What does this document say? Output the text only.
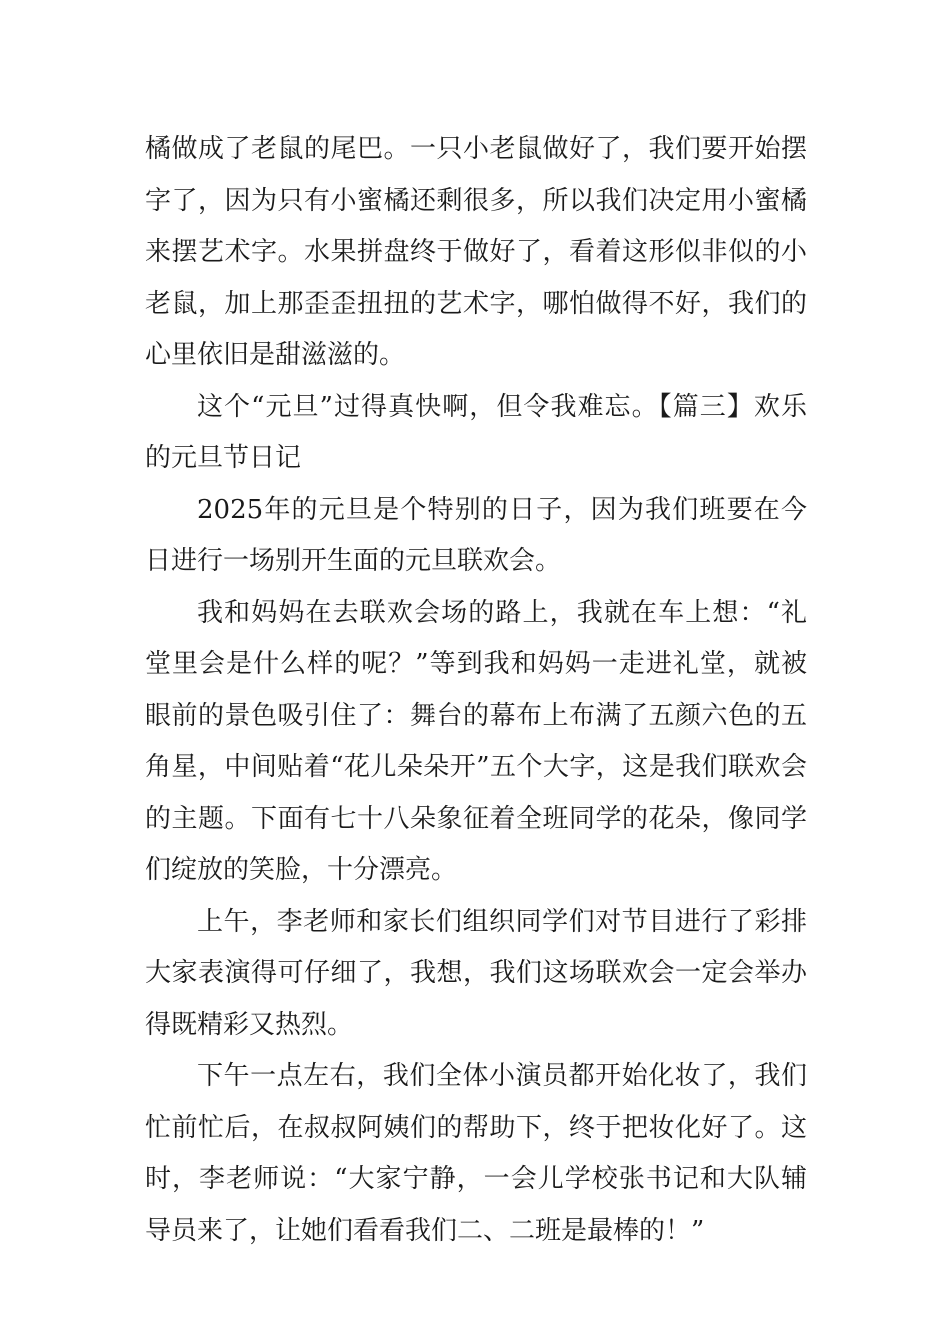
橘做成了老鼠的尾巴。一只小老鼠做好了，我们要开始摆字了，因为只有小蜜橘还剩很多，所以我们决定用小蜜橘来摆艺术字。水果拼盘终于做好了，看着这形似非似的小老鼠，加上那歪歪扭扭的艺术字，哪怕做得不好，我们的心里依旧是甜滋滋的。

这个“元旦”过得真快啊，但令我难忘。【篇三】欢乐的元旦节日记

2025年的元旦是个特别的日子，因为我们班要在今日进行一场别开生面的元旦联欢会。

我和妈妈在去联欢会场的路上，我就在车上想：“礼堂里会是什么样的呢？”等到我和妈妈一走进礼堂，就被眼前的景色吸引住了：舞台的幕布上布满了五颜六色的五角星，中间贴着“花儿朵朵开”五个大字，这是我们联欢会的主题。下面有七十八朵象征着全班同学的花朵，像同学们绽放的笑脸，十分漂亮。

上午，李老师和家长们组织同学们对节目进行了彩排大家表演得可仔细了，我想，我们这场联欢会一定会举办得既精彩又热烈。

下午一点左右，我们全体小演员都开始化妆了，我们忙前忙后，在叔叔阿姨们的帮助下，终于把妆化好了。这时，李老师说：“大家宁静，一会儿学校张书记和大队辅导员来了，让她们看看我们二、二班是最棒的！”
